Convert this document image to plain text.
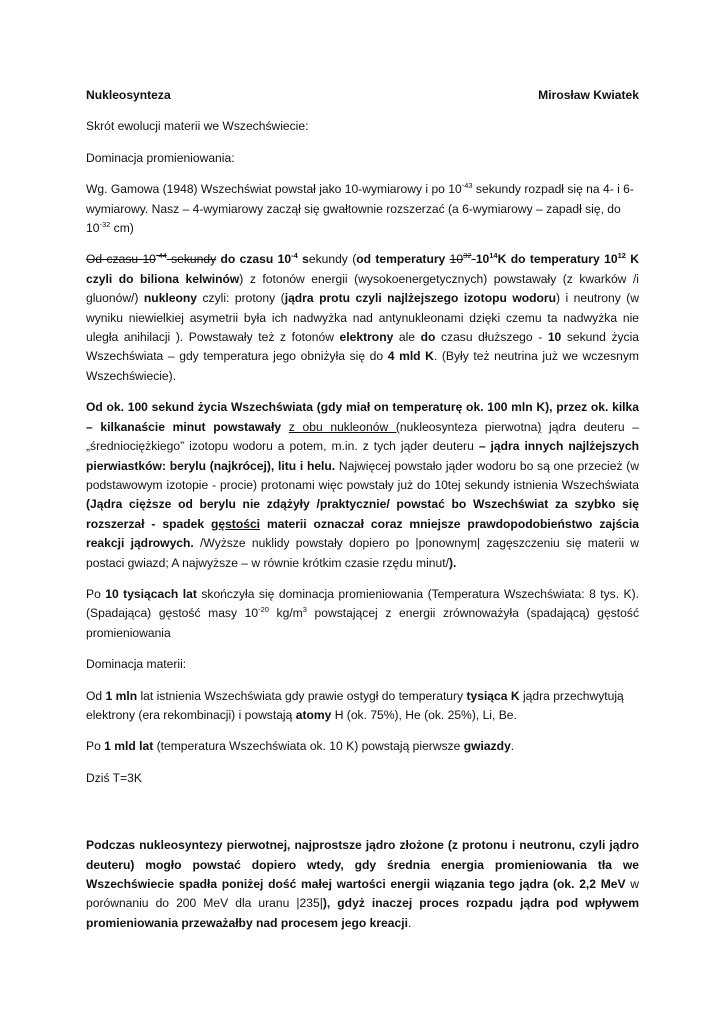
Nukleosynteza	Mirosław Kwiatek

Skrót ewolucji materii we Wszechświecie:

Dominacja promieniowania:

Wg. Gamowa (1948) Wszechświat powstał jako 10-wymiarowy i po $10^{-43}$ sekundy rozpadł się na 4- i 6-wymiarowy. Nasz – 4-wymiarowy zaczął się gwałtownie rozszerzać (a 6-wymiarowy – zapadł się, do $10^{-32}$ cm)

Od czasu $10^{-44}$ sekundy do czasu $10^{-4}$ sekundy (od temperatury $10^{32}$ $10^{14}K$ do temperatury $10^{12}$ K czyli do biliona kelwinów) z fotonów energii (wysokoenergetycznych) powstawały (z kwarków /i gluonów/) nukleony czyli: protony (jądra protu czyli najlżejszego izotopu wodoru) i neutrony (w wyniku niewielkiej asymetrii była ich nadwyżka nad antynukleonami dzięki czemu ta nadwyżka nie uległa anihilacji ). Powstawały też z fotonów elektrony ale do czasu dłuższego - 10 sekund życia Wszechświata – gdy temperatura jego obniżyła się do 4 mld K. (Były też neutrina już we wczesnym Wszechświecie).

Od ok. 100 sekund życia Wszechświata (gdy miał on temperaturę ok. 100 mln K), przez ok. kilka – kilkanaście minut powstawały z obu nukleonów (nukleosynteza pierwotna) jądra deuteru – „średniociężkiego” izotopu wodoru a potem, m.in. z tych jąder deuteru – jądra innych najlżejszych pierwiastków: berylu (najkrócej), litu i helu. Najwięcej powstało jąder wodoru bo są one przecież (w podstawowym izotopie - procie) protonami więc powstały już do 10tej sekundy istnienia Wszechświata (Jądra cięższe od berylu nie zdążyły /praktycznie/ powstać bo Wszechświat za szybko się rozszerzał - spadek gęstości materii oznaczał coraz mniejsze prawdopodobieństwo zajścia reakcji jądrowych. /Wyższe nuklidy powstały dopiero po |ponownym| zagęszczeniu się materii w postaci gwiazd; A najwyższe – w równie krótkim czasie rzędu minut/).

Po 10 tysiącach lat skończyła się dominacja promieniowania (Temperatura Wszechświata: 8 tys. K). (Spadająca) gęstość masy $10^{-20}$ $kg/m^3$ powstającej z energii zrównoważyła (spadającą) gęstość promieniowania

Dominacja materii:

Od 1 mln lat istnienia Wszechświata gdy prawie ostygł do temperatury tysiąca K jądra przechwytują elektrony (era rekombinacji) i powstają atomy H (ok. 75%), He (ok. 25%), Li, Be.

Po 1 mld lat (temperatura Wszechświata ok. 10 K) powstają pierwsze gwiazdy.

Dziś T=3K

Podczas nukleosyntezy pierwotnej, najprostsze jądro złożone (z protonu i neutronu, czyli jądro deuteru) mogło powstać dopiero wtedy, gdy średnia energia promieniowania tła we Wszechświecie spadła poniżej dość małej wartości energii wiązania tego jądra (ok. 2,2 MeV w porównaniu do 200 MeV dla uranu |235|), gdyż inaczej proces rozpadu jądra pod wpływem promieniowania przeważałby nad procesem jego kreacji.
